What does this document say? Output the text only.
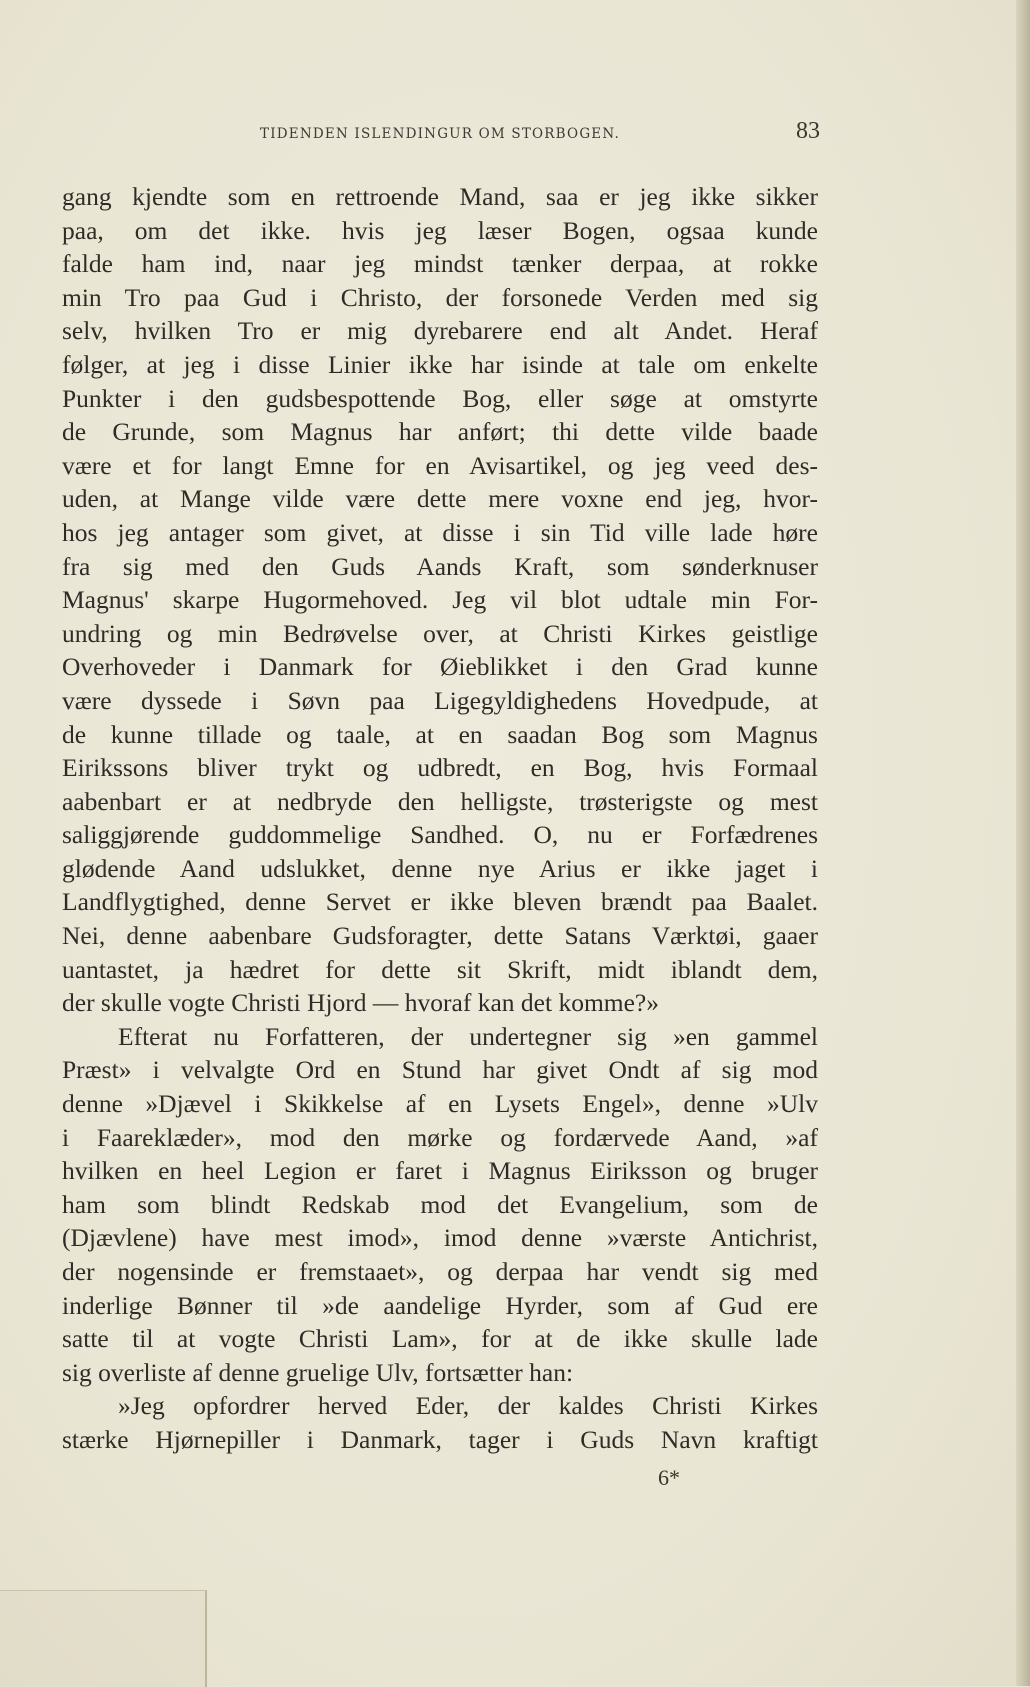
TIDENDEN ISLENDINGUR OM STORBOGEN.	83
gang kjendte som en rettroende Mand, saa er jeg ikke sikker
paa, om det ikke. hvis jeg læser Bogen, ogsaa kunde
falde ham ind, naar jeg mindst tænker derpaa, at rokke
min Tro paa Gud i Christo, der forsonede Verden med sig
selv, hvilken Tro er mig dyrebarere end alt Andet. Heraf
følger, at jeg i disse Linier ikke har isinde at tale om enkelte
Punkter i den gudsbespottende Bog, eller søge at omstyrte
de Grunde, som Magnus har anført; thi dette vilde baade
være et for langt Emne for en Avisartikel, og jeg veed des-
uden, at Mange vilde være dette mere voxne end jeg, hvor-
hos jeg antager som givet, at disse i sin Tid ville lade høre
fra sig med den Guds Aands Kraft, som sønderknuser
Magnus' skarpe Hugormehoved. Jeg vil blot udtale min For-
undring og min Bedrøvelse over, at Christi Kirkes geistlige
Overhoveder i Danmark for Øieblikket i den Grad kunne
være dyssede i Søvn paa Ligegyldighedens Hovedpude, at
de kunne tillade og taale, at en saadan Bog som Magnus
Eirikssons bliver trykt og udbredt, en Bog, hvis Formaal
aabenbart er at nedbryde den helligste, trøsterigste og mest
saliggjørende guddommelige Sandhed. O, nu er Forfædrenes
glødende Aand udslukket, denne nye Arius er ikke jaget i
Landflygtighed, denne Servet er ikke bleven brændt paa Baalet.
Nei, denne aabenbare Gudsforagter, dette Satans Værktøi, gaaer
uantastet, ja hædret for dette sit Skrift, midt iblandt dem,
der skulle vogte Christi Hjord — hvoraf kan det komme?»
Efterat nu Forfatteren, der undertegner sig »en gammel
Præst» i velvalgte Ord en Stund har givet Ondt af sig mod
denne »Djævel i Skikkelse af en Lysets Engel», denne »Ulv
i Faareklæder», mod den mørke og fordærvede Aand, »af
hvilken en heel Legion er faret i Magnus Eiriksson og bruger
ham som blindt Redskab mod det Evangelium, som de
(Djævlene) have mest imod», imod denne »værste Antichrist,
der nogensinde er fremstaaet», og derpaa har vendt sig med
inderlige Bønner til »de aandelige Hyrder, som af Gud ere
satte til at vogte Christi Lam», for at de ikke skulle lade
sig overliste af denne gruelige Ulv, fortsætter han:
»Jeg opfordrer herved Eder, der kaldes Christi Kirkes
stærke Hjørnepiller i Danmark, tager i Guds Navn kraftigt
6*
